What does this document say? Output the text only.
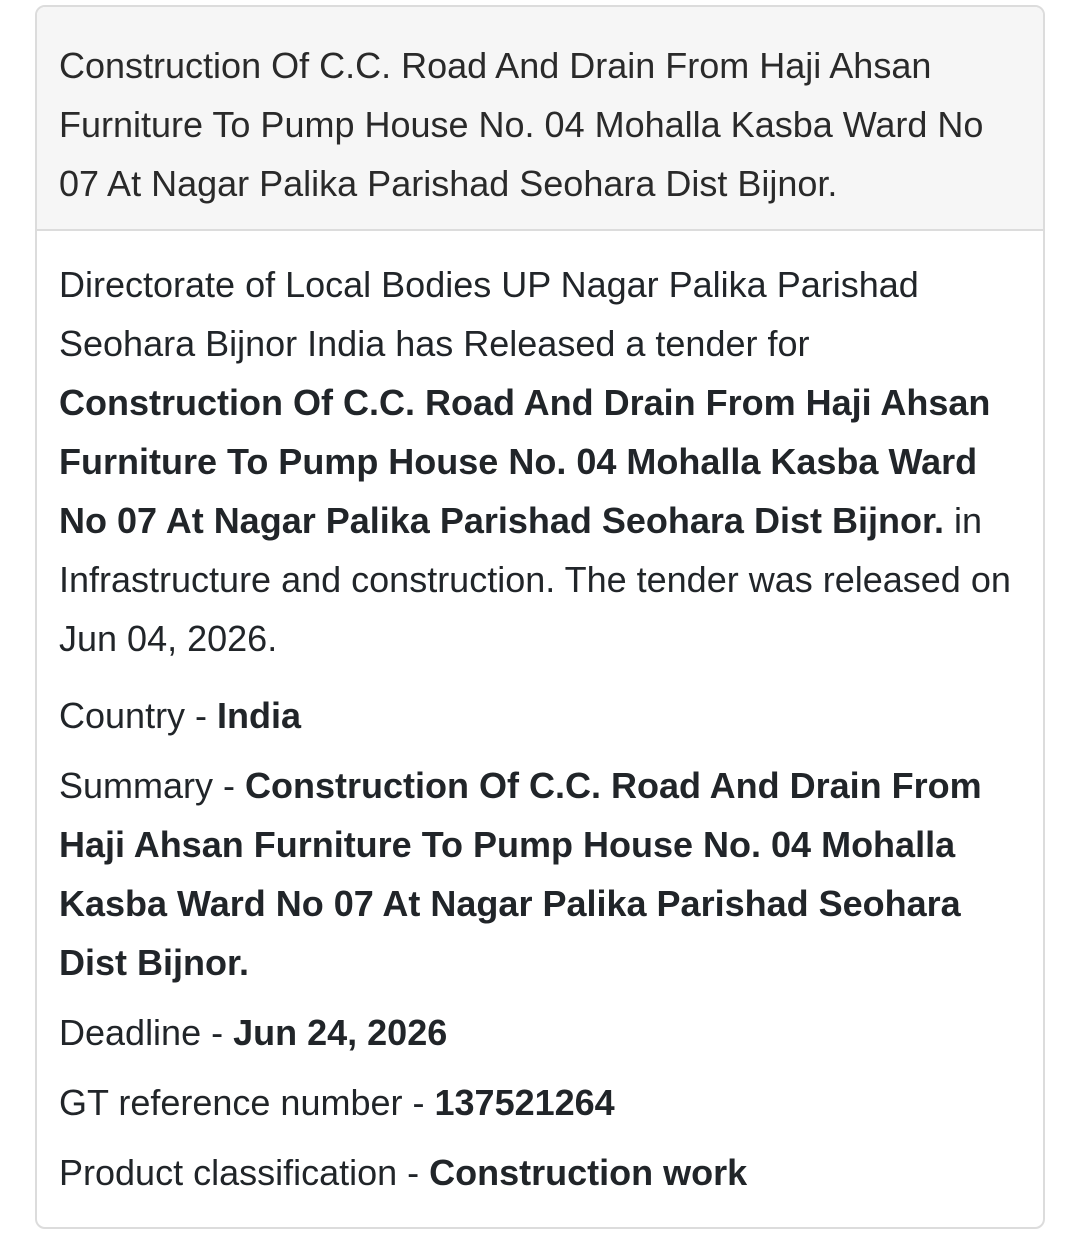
Construction Of C.C. Road And Drain From Haji Ahsan Furniture To Pump House No. 04 Mohalla Kasba Ward No 07 At Nagar Palika Parishad Seohara Dist Bijnor.

Directorate of Local Bodies UP Nagar Palika Parishad Seohara Bijnor India has Released a tender for Construction Of C.C. Road And Drain From Haji Ahsan Furniture To Pump House No. 04 Mohalla Kasba Ward No 07 At Nagar Palika Parishad Seohara Dist Bijnor. in Infrastructure and construction. The tender was released on Jun 04, 2026.

Country - India
Summary - Construction Of C.C. Road And Drain From Haji Ahsan Furniture To Pump House No. 04 Mohalla Kasba Ward No 07 At Nagar Palika Parishad Seohara Dist Bijnor.
Deadline - Jun 24, 2026
GT reference number - 137521264
Product classification - Construction work
